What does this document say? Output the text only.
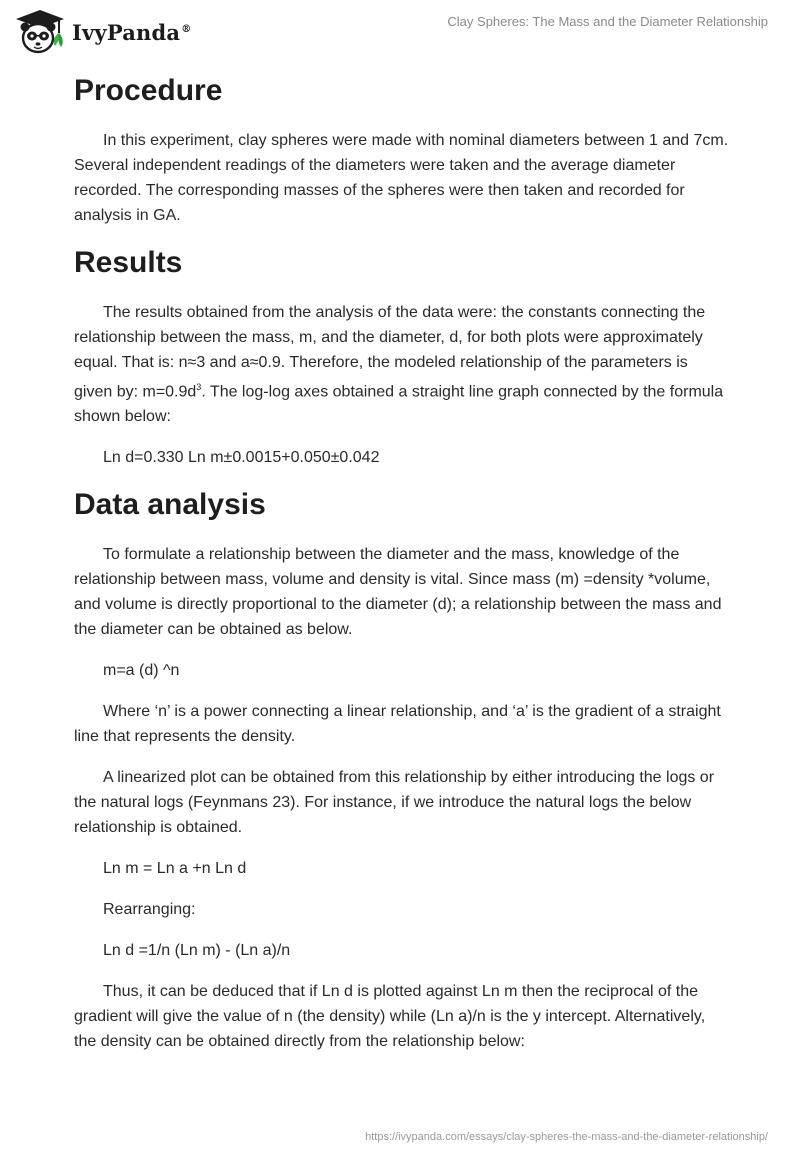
IvyPanda®	Clay Spheres: The Mass and the Diameter Relationship
Procedure

In this experiment, clay spheres were made with nominal diameters between 1 and 7cm. Several independent readings of the diameters were taken and the average diameter recorded. The corresponding masses of the spheres were then taken and recorded for analysis in GA.

Results

The results obtained from the analysis of the data were: the constants connecting the relationship between the mass, m, and the diameter, d, for both plots were approximately equal. That is: n≈3 and a≈0.9. Therefore, the modeled relationship of the parameters is given by: $m=0.9d^3$. The log-log axes obtained a straight line graph connected by the formula shown below:

Ln d=0.330 Ln m±0.0015+0.050±0.042
Data analysis

To formulate a relationship between the diameter and the mass, knowledge of the relationship between mass, volume and density is vital. Since mass (m) =density *volume, and volume is directly proportional to the diameter (d); a relationship between the mass and the diameter can be obtained as below.

m=a (d) ^n

Where ‘n’ is a power connecting a linear relationship, and ‘a’ is the gradient of a straight line that represents the density.

A linearized plot can be obtained from this relationship by either introducing the logs or the natural logs (Feynmans 23). For instance, if we introduce the natural logs the below relationship is obtained.

Ln m = Ln a +n Ln d
Rearranging:
Ln d =1/n (Ln m) - (Ln a)/n

Thus, it can be deduced that if Ln d is plotted against Ln m then the reciprocal of the gradient will give the value of n (the density) while (Ln a)/n is the y intercept. Alternatively, the density can be obtained directly from the relationship below:

https://ivypanda.com/essays/clay-spheres-the-mass-and-the-diameter-relationship/
